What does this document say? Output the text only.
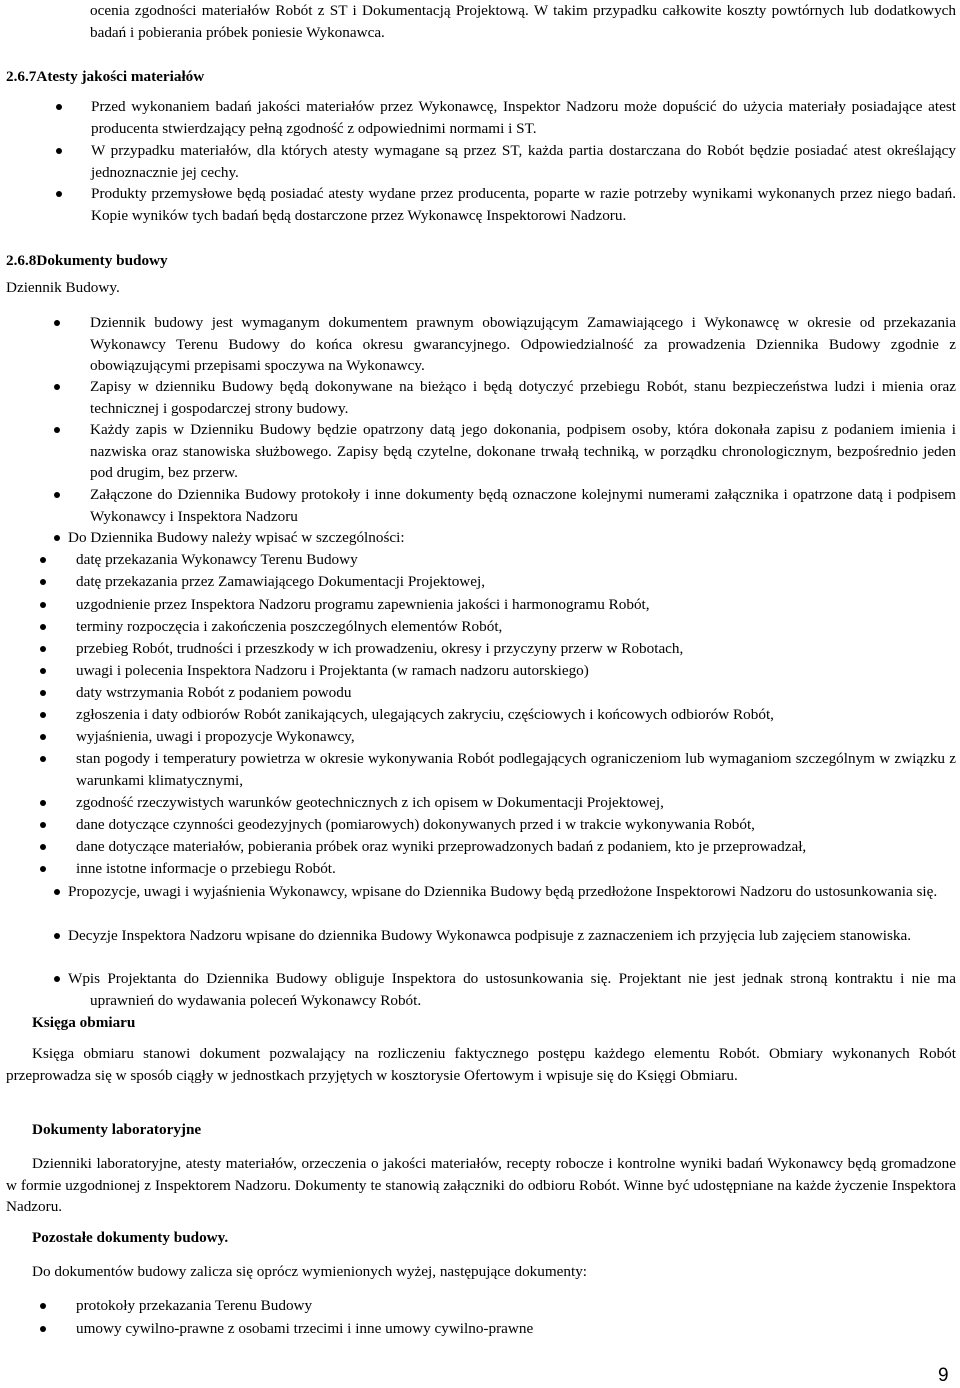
ocenia zgodności materiałów Robót z ST i Dokumentacją Projektową. W takim przypadku całkowite koszty powtórnych lub dodatkowych badań i pobierania próbek poniesie Wykonawca.
2.6.7Atesty jakości materiałów
Przed wykonaniem badań jakości materiałów przez Wykonawcę, Inspektor Nadzoru może dopuścić do użycia materiały posiadające atest producenta stwierdzający pełną zgodność z odpowiednimi normami i ST.
W przypadku materiałów, dla których atesty wymagane są przez ST, każda partia dostarczana do Robót będzie posiadać atest określający jednoznacznie jej cechy.
Produkty przemysłowe będą posiadać atesty wydane przez producenta, poparte w razie potrzeby wynikami wykonanych przez niego badań. Kopie wyników tych badań będą dostarczone przez Wykonawcę Inspektorowi Nadzoru.
2.6.8Dokumenty budowy
Dziennik Budowy.
Dziennik budowy jest wymaganym dokumentem prawnym obowiązującym Zamawiającego i Wykonawcę w okresie od przekazania Wykonawcy Terenu Budowy do końca okresu gwarancyjnego. Odpowiedzialność za prowadzenia Dziennika Budowy zgodnie z obowiązującymi przepisami spoczywa na Wykonawcy.
Zapisy w dzienniku Budowy będą dokonywane na bieżąco i będą dotyczyć przebiegu Robót, stanu bezpieczeństwa ludzi i mienia oraz technicznej i gospodarczej strony budowy.
Każdy zapis w Dzienniku Budowy będzie opatrzony datą jego dokonania, podpisem osoby, która dokonała zapisu z podaniem imienia i nazwiska oraz stanowiska służbowego. Zapisy będą czytelne, dokonane trwałą techniką, w porządku chronologicznym, bezpośrednio jeden pod drugim, bez przerw.
Załączone do Dziennika Budowy protokoły i inne dokumenty będą oznaczone kolejnymi numerami załącznika i opatrzone datą i podpisem Wykonawcy i Inspektora Nadzoru
Do Dziennika Budowy należy wpisać w szczególności:
datę przekazania Wykonawcy Terenu Budowy
datę przekazania przez Zamawiającego Dokumentacji Projektowej,
uzgodnienie przez Inspektora Nadzoru programu zapewnienia jakości i harmonogramu Robót,
terminy rozpoczęcia i zakończenia poszczególnych elementów Robót,
przebieg Robót, trudności i przeszkody w ich prowadzeniu, okresy i przyczyny przerw w Robotach,
uwagi i polecenia Inspektora Nadzoru i Projektanta (w ramach nadzoru autorskiego)
daty wstrzymania Robót z podaniem powodu
zgłoszenia i daty odbiorów Robót zanikających, ulegających zakryciu, częściowych i końcowych odbiorów Robót,
wyjaśnienia, uwagi i propozycje Wykonawcy,
stan pogody i temperatury powietrza w okresie wykonywania Robót podlegających ograniczeniom lub wymaganiom szczególnym w związku z warunkami klimatycznymi,
zgodność rzeczywistych warunków geotechnicznych z ich opisem w Dokumentacji Projektowej,
dane dotyczące czynności geodezyjnych (pomiarowych) dokonywanych przed i w trakcie wykonywania Robót,
dane dotyczące materiałów, pobierania próbek oraz wyniki przeprowadzonych badań z podaniem, kto je przeprowadzał,
inne istotne informacje o przebiegu Robót.
Propozycje, uwagi i wyjaśnienia Wykonawcy, wpisane do Dziennika Budowy będą przedłożone Inspektorowi Nadzoru do ustosunkowania się.
Decyzje Inspektora Nadzoru wpisane do dziennika Budowy Wykonawca podpisuje z zaznaczeniem ich przyjęcia lub zajęciem stanowiska.
Wpis Projektanta do Dziennika Budowy obliguje Inspektora do ustosunkowania się. Projektant nie jest jednak stroną kontraktu i nie ma uprawnień do wydawania poleceń Wykonawcy Robót.
Księga obmiaru
Księga obmiaru stanowi dokument pozwalający na rozliczeniu faktycznego postępu każdego elementu Robót. Obmiary wykonanych Robót przeprowadza się w sposób ciągły w jednostkach przyjętych w kosztorysie Ofertowym i wpisuje się do Księgi Obmiaru.
Dokumenty laboratoryjne
Dzienniki laboratoryjne, atesty materiałów, orzeczenia o jakości materiałów, recepty robocze i kontrolne wyniki badań Wykonawcy będą gromadzone w formie uzgodnionej z Inspektorem Nadzoru. Dokumenty te stanowią załączniki do odbioru Robót. Winne być udostępniane na każde życzenie Inspektora Nadzoru.
Pozostałe dokumenty budowy.
Do dokumentów budowy zalicza się oprócz wymienionych wyżej, następujące dokumenty:
protokoły przekazania Terenu Budowy
umowy cywilno-prawne z osobami trzecimi i inne umowy cywilno-prawne
9
